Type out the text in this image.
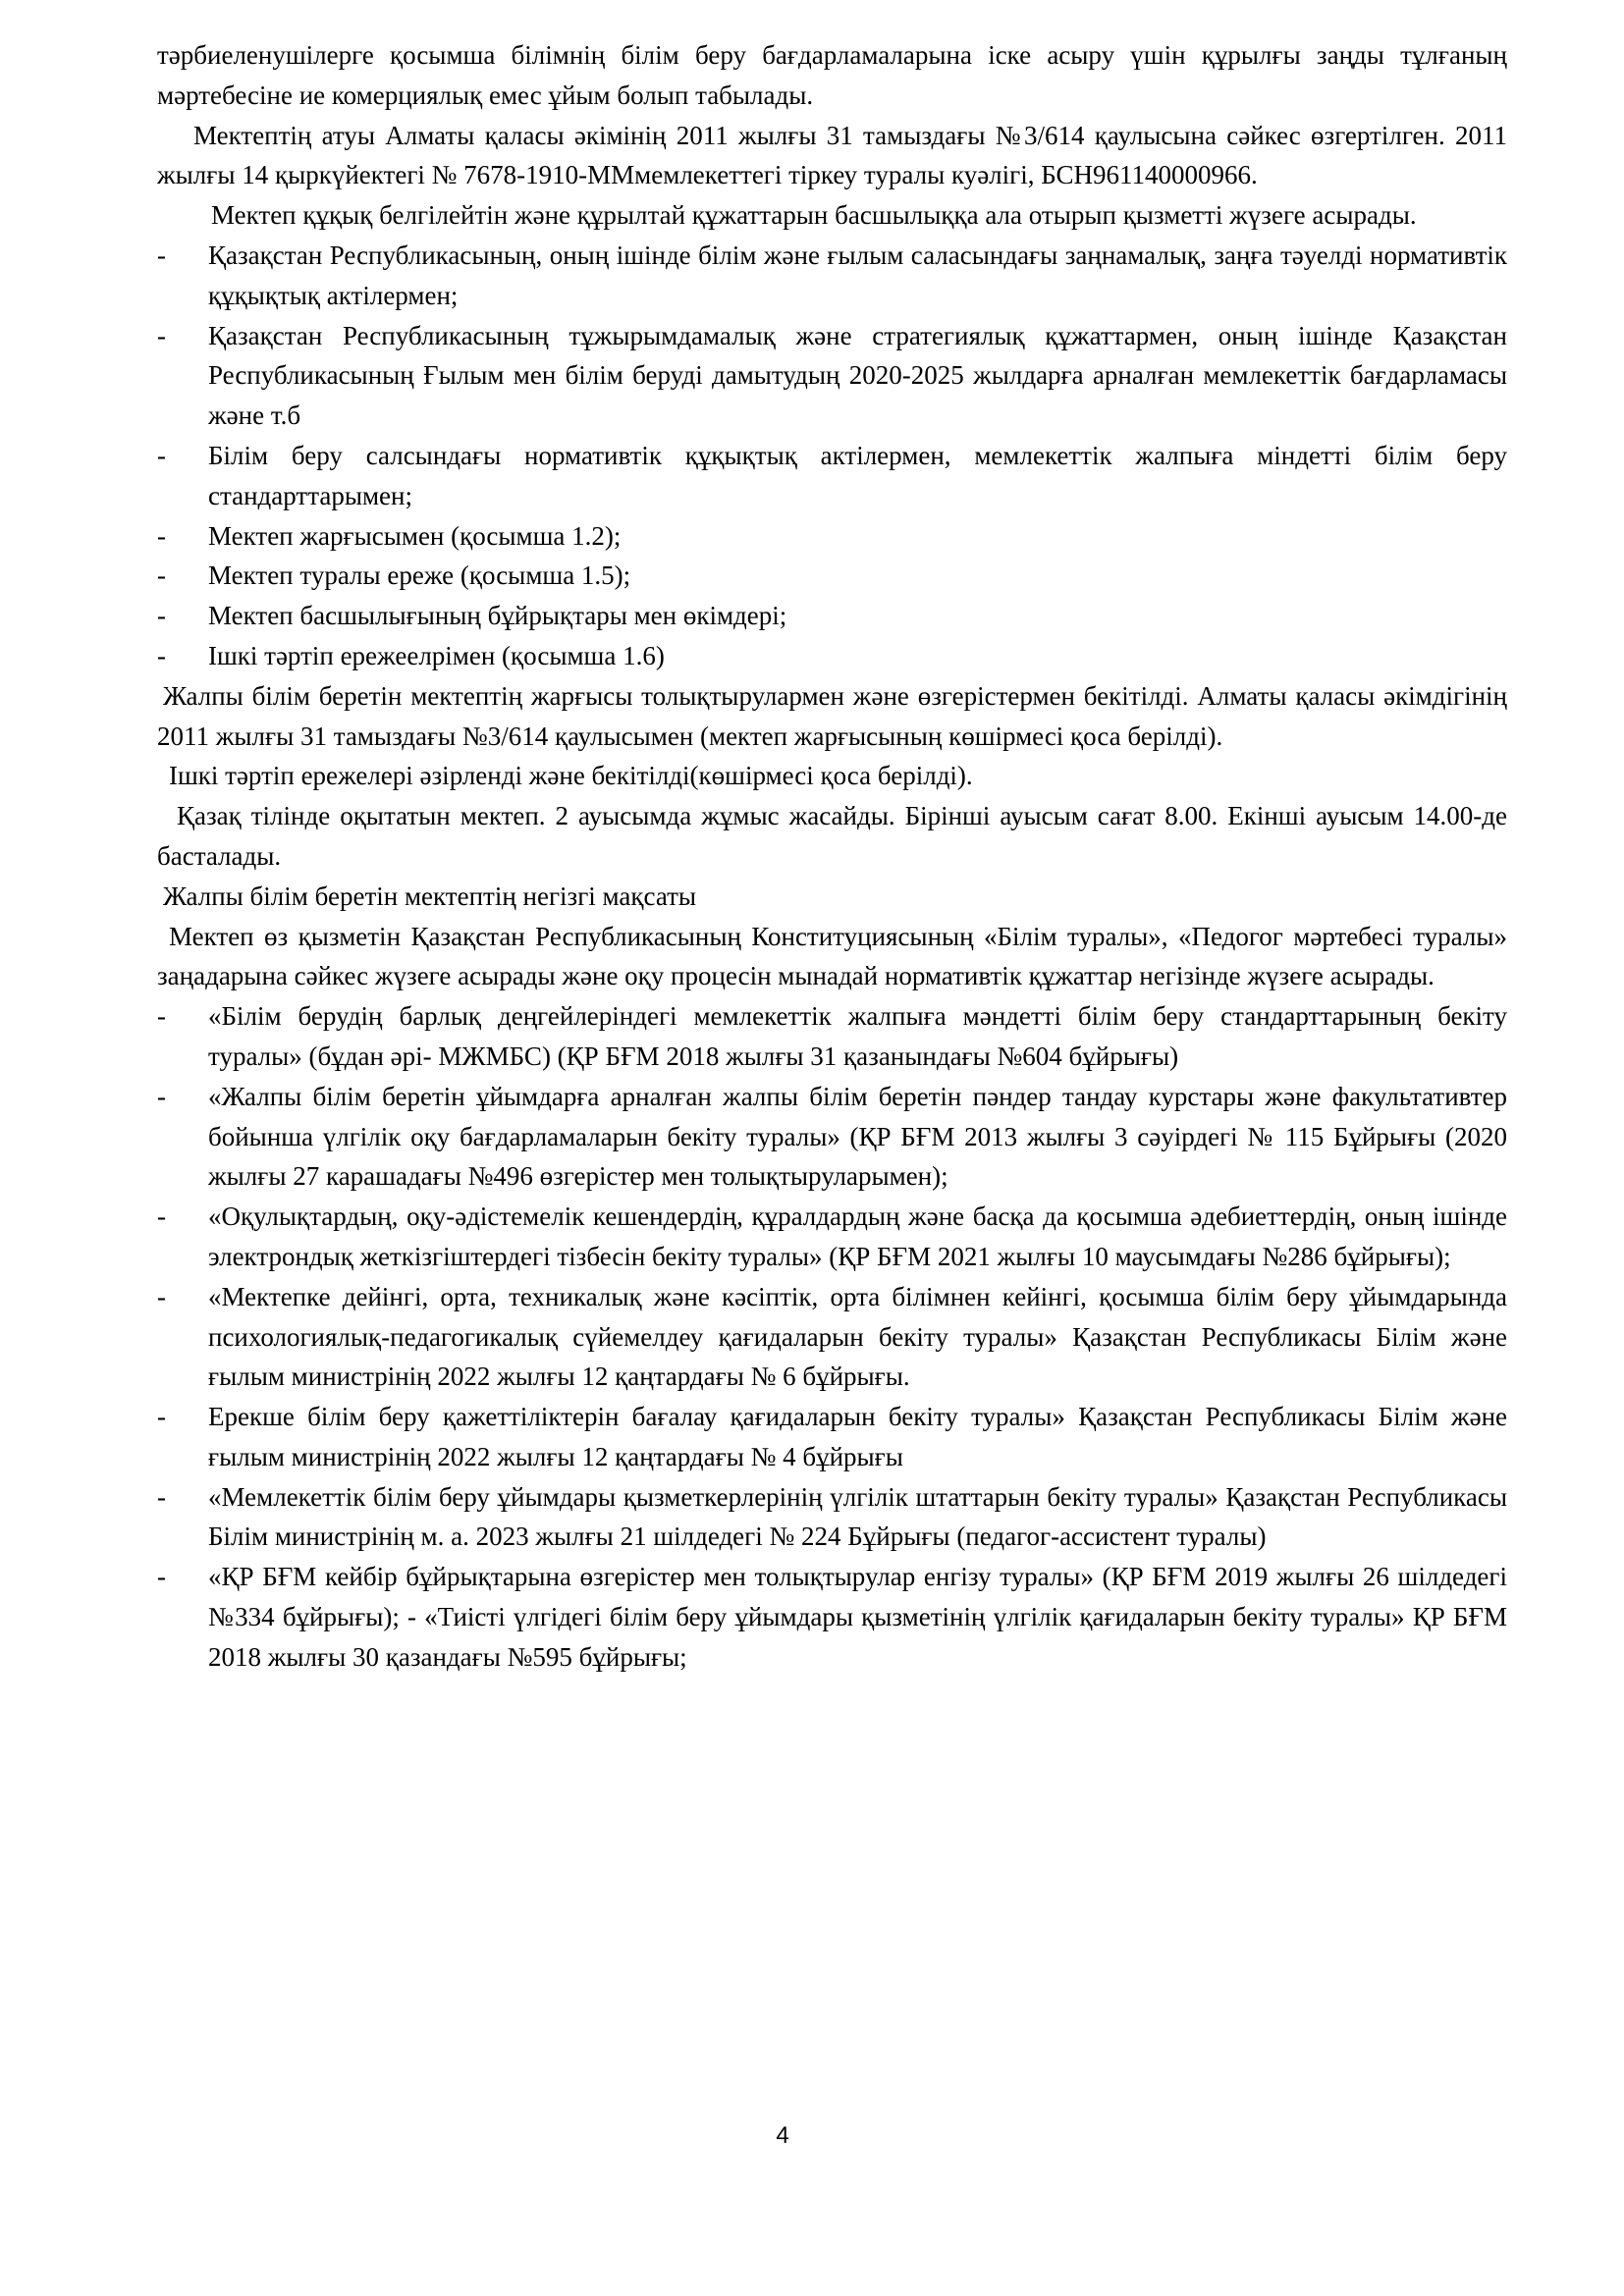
тәрбиеленушілерге қосымша білімнің білім беру бағдарламаларына іске асыру үшін құрылғы заңды тұлғаның мәртебесіне ие комерциялық емес ұйым болып табылады.

Мектептің атуы Алматы қаласы әкімінің 2011 жылғы 31 тамыздағы №3/614 қаулысына сәйкес өзгертілген. 2011 жылғы 14 қыркүйектегі № 7678-1910-ММмемлекеттегі тіркеу туралы куәлігі, БСН961140000966.

Мектеп құқық белгілейтін және құрылтай құжаттарын басшылыққа ала отырып қызметті жүзеге асырады.

- Қазақстан Республикасының, оның ішінде білім және ғылым саласындағы заңнамалық, заңға тәуелді нормативтік құқықтық актілермен;
- Қазақстан Республикасының тұжырымдамалық және стратегиялық құжаттармен, оның ішінде Қазақстан Республикасының Ғылым мен білім беруді дамытудың 2020-2025 жылдарға арналған мемлекеттік бағдарламасы және т.б
- Білім беру салсындағы нормативтік құқықтық актілермен, мемлекеттік жалпыға міндетті білім беру стандарттарымен;
- Мектеп жарғысымен (қосымша 1.2);
- Мектеп туралы ереже (қосымша 1.5);
- Мектеп басшылығының бұйрықтары мен өкімдері;
- Ішкі тәртіп ережеелрімен (қосымша 1.6)

Жалпы білім беретін мектептің жарғысы толықтырулармен және өзгерістермен бекітілді. Алматы қаласы әкімдігінің 2011 жылғы 31 тамыздағы №3/614 қаулысымен (мектеп жарғысының көшірмесі қоса берілді).

Ішкі тәртіп ережелері әзірленді және бекітілді(көшірмесі қоса берілді).

Қазақ тілінде оқытатын мектеп. 2 ауысымда жұмыс жасайды. Бірінші ауысым сағат 8.00. Екінші ауысым 14.00-де басталады.

Жалпы білім беретін мектептің негізгі мақсаты

Мектеп өз қызметін Қазақстан Республикасының Конституциясының «Білім туралы», «Педогог мәртебесі туралы» заңадарына сәйкес жүзеге асырады және оқу процесін мынадай нормативтік құжаттар негізінде жүзеге асырады.

- «Білім берудің барлық деңгейлеріндегі мемлекеттік жалпыға мәндетті білім беру стандарттарының бекіту туралы» (бұдан әрі- МЖМБС) (ҚР БҒМ 2018 жылғы 31 қазанындағы №604 бұйрығы)
- «Жалпы білім беретін ұйымдарға арналған жалпы білім беретін пәндер тандау курстары және факультативтер бойынша үлгілік оқу бағдарламаларын бекіту туралы» (ҚР БҒМ 2013 жылғы 3 сәуірдегі № 115 Бұйрығы (2020 жылғы 27 карашадағы №496 өзгерістер мен толықтыруларымен);
- «Оқулықтардың, оқу-әдістемелік кешендердің, құралдардың және басқа да қосымша әдебиеттердің, оның ішінде электрондық жеткізгіштердегі тізбесін бекіту туралы» (ҚР БҒМ 2021 жылғы 10 маусымдағы №286 бұйрығы);
- «Мектепке дейінгі, орта, техникалық және кәсіптік, орта білімнен кейінгі, қосымша білім беру ұйымдарында психологиялық-педагогикалық сүйемелдеу қағидаларын бекіту туралы» Қазақстан Республикасы Білім және ғылым министрінің 2022 жылғы 12 қаңтардағы № 6 бұйрығы.
- Ерекше білім беру қажеттіліктерін бағалау қағидаларын бекіту туралы» Қазақстан Республикасы Білім және ғылым министрінің 2022 жылғы 12 қаңтардағы № 4 бұйрығы
- «Мемлекеттік білім беру ұйымдары қызметкерлерінің үлгілік штаттарын бекіту туралы» Қазақстан Республикасы Білім министрінің м. а. 2023 жылғы 21 шілдедегі № 224 Бұйрығы (педагог-ассистент туралы)
- «ҚР БҒМ кейбір бұйрықтарына өзгерістер мен толықтырулар енгізу туралы» (ҚР БҒМ 2019 жылғы 26 шілдедегі №334 бұйрығы); - «Тиісті үлгідегі білім беру ұйымдары қызметінің үлгілік қағидаларын бекіту туралы» ҚР БҒМ 2018 жылғы 30 қазандағы №595 бұйрығы;
4
